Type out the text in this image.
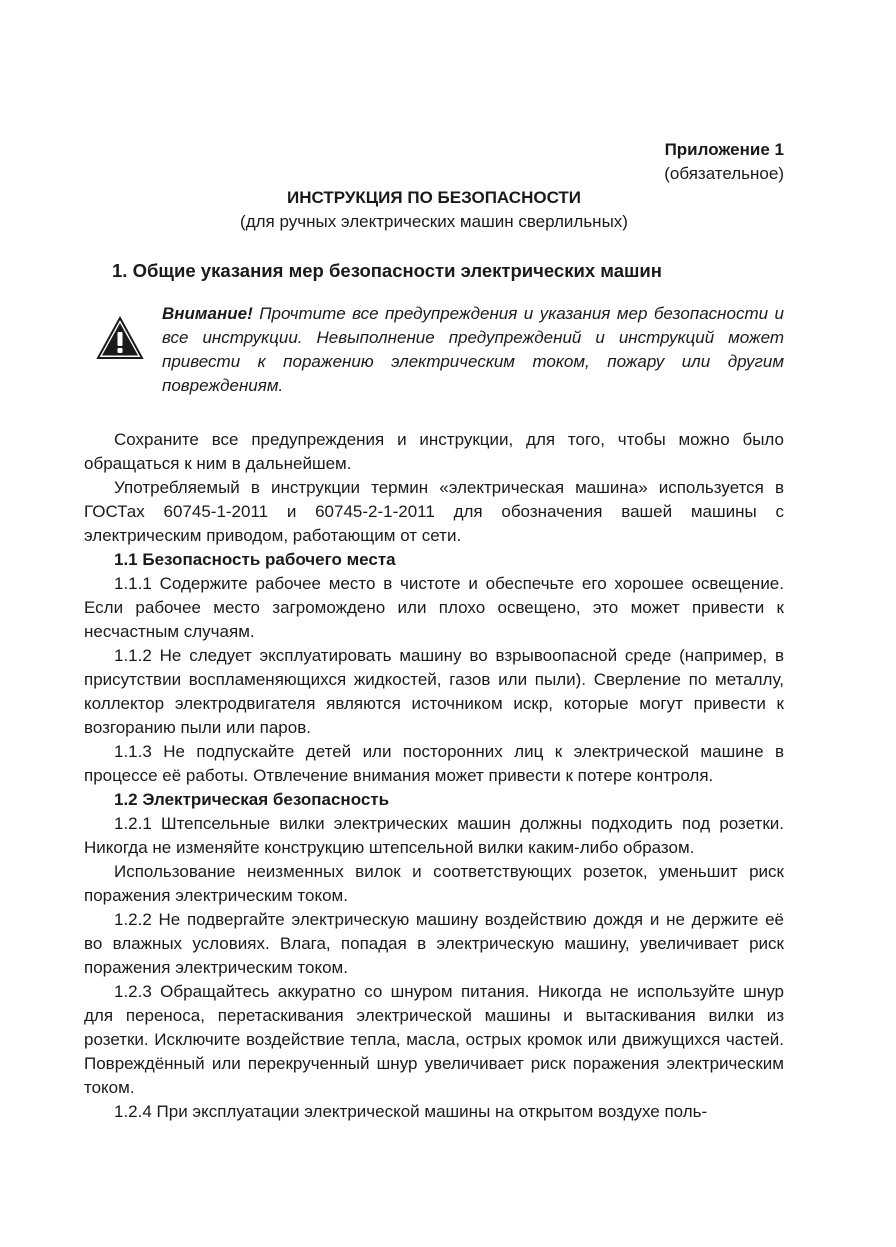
Приложение 1
(обязательное)
ИНСТРУКЦИЯ ПО БЕЗОПАСНОСТИ
(для ручных электрических машин сверлильных)
1. Общие указания мер безопасности электрических машин
Внимание! Прочтите все предупреждения и указания мер безопасности и все инструкции. Невыполнение предупреждений и инструкций может привести к поражению электрическим током, пожару или другим повреждениям.

Сохраните все предупреждения и инструкции, для того, чтобы можно было обращаться к ним в дальнейшем.

Употребляемый в инструкции термин «электрическая машина» используется в ГОСТах 60745-1-2011 и 60745-2-1-2011 для обозначения вашей машины с электрическим приводом, работающим от сети.

1.1 Безопасность рабочего места

1.1.1 Содержите рабочее место в чистоте и обеспечьте его хорошее освещение. Если рабочее место загромождено или плохо освещено, это может привести к несчастным случаям.

1.1.2 Не следует эксплуатировать машину во взрывоопасной среде (например, в присутствии воспламеняющихся жидкостей, газов или пыли). Сверление по металлу, коллектор электродвигателя являются источником искр, которые могут привести к возгоранию пыли или паров.

1.1.3 Не подпускайте детей или посторонних лиц к электрической машине в процессе её работы. Отвлечение внимания может привести к потере контроля.

1.2 Электрическая безопасность

1.2.1 Штепсельные вилки электрических машин должны подходить под розетки. Никогда не изменяйте конструкцию штепсельной вилки каким-либо образом.

Использование неизменных вилок и соответствующих розеток, уменьшит риск поражения электрическим током.

1.2.2 Не подвергайте электрическую машину воздействию дождя и не держите её во влажных условиях. Влага, попадая в электрическую машину, увеличивает риск поражения электрическим током.

1.2.3 Обращайтесь аккуратно со шнуром питания. Никогда не используйте шнур для переноса, перетаскивания электрической машины и вытаскивания вилки из розетки. Исключите воздействие тепла, масла, острых кромок или движущихся частей. Повреждённый или перекрученный шнур увеличивает риск поражения электрическим током.

1.2.4 При эксплуатации электрической машины на открытом воздухе поль-
